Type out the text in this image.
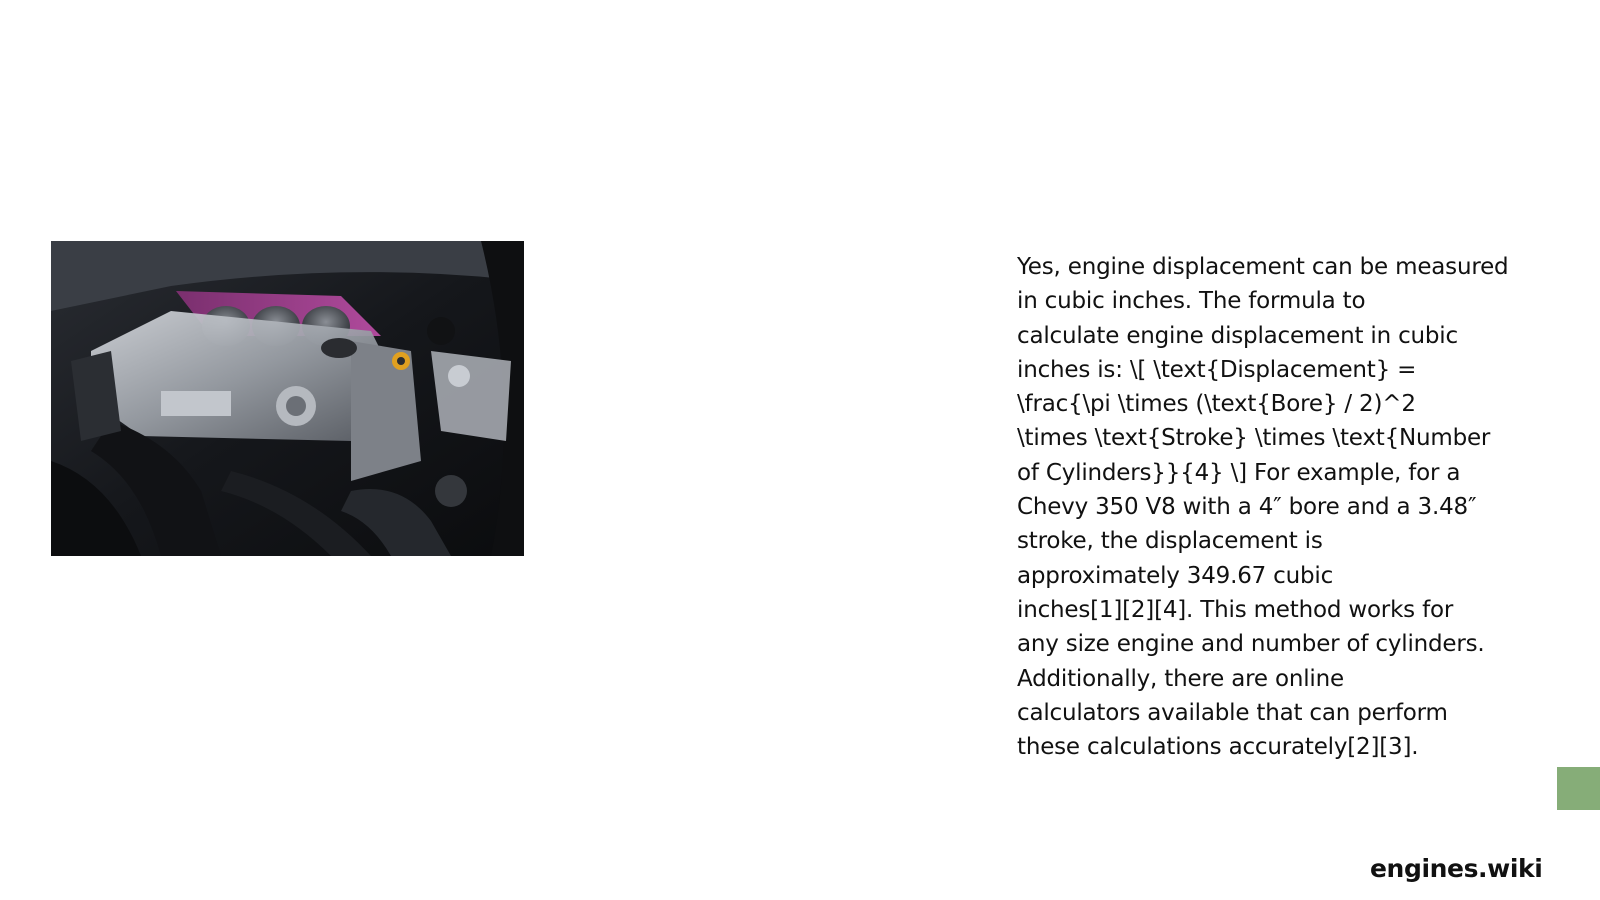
Yes, engine displacement can be measured
in cubic inches. The formula to
calculate engine displacement in cubic
inches is: \[ \text{Displacement} =
\frac{\pi \times (\text{Bore} / 2)^2
\times \text{Stroke} \times \text{Number
of Cylinders}}{4} \] For example, for a
Chevy 350 V8 with a 4″ bore and a 3.48″
stroke, the displacement is
approximately 349.67 cubic
inches[1][2][4]. This method works for
any size engine and number of cylinders.
Additionally, there are online
calculators available that can perform
these calculations accurately[2][3].

engines.wiki
